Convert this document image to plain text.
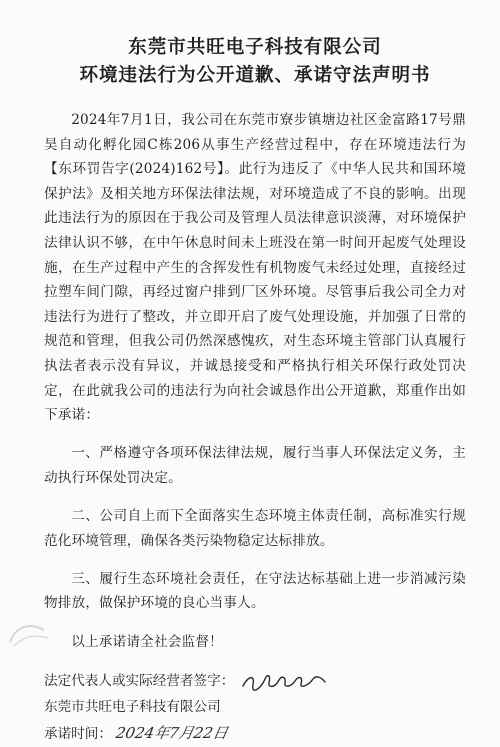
东莞市共旺电子科技有限公司
环境违法行为公开道歉、承诺守法声明书

2024年7月1日，我公司在东莞市寮步镇塘边社区金富路17号鼎昊自动化孵化园C栋206从事生产经营过程中，存在环境违法行为【东环罚告字(2024)162号】。此行为违反了《中华人民共和国环境保护法》及相关地方环保法律法规，对环境造成了不良的影响。出现此违法行为的原因在于我公司及管理人员法律意识淡薄，对环境保护法律认识不够，在中午休息时间未上班没在第一时间开起废气处理设施，在生产过程中产生的含挥发性有机物废气未经过处理，直接经过拉塑车间门隙，再经过窗户排到厂区外环境。尽管事后我公司全力对违法行为进行了整改，并立即开启了废气处理设施，并加强了日常的规范和管理，但我公司仍然深感愧疚，对生态环境主管部门认真履行执法者表示没有异议，并诚恳接受和严格执行相关环保行政处罚决定，在此就我公司的违法行为向社会诚恳作出公开道歉，郑重作出如下承诺：

一、严格遵守各项环保法律法规，履行当事人环保法定义务，主动执行环保处罚决定。

二、公司自上而下全面落实生态环境主体责任制，高标准实行规范化环境管理，确保各类污染物稳定达标排放。

三、履行生态环境社会责任，在守法达标基础上进一步消减污染物排放，做保护环境的良心当事人。

以上承诺请全社会监督！

法定代表人或实际经营者签字：
东莞市共旺电子科技有限公司
承诺时间： 2024年7月22日
